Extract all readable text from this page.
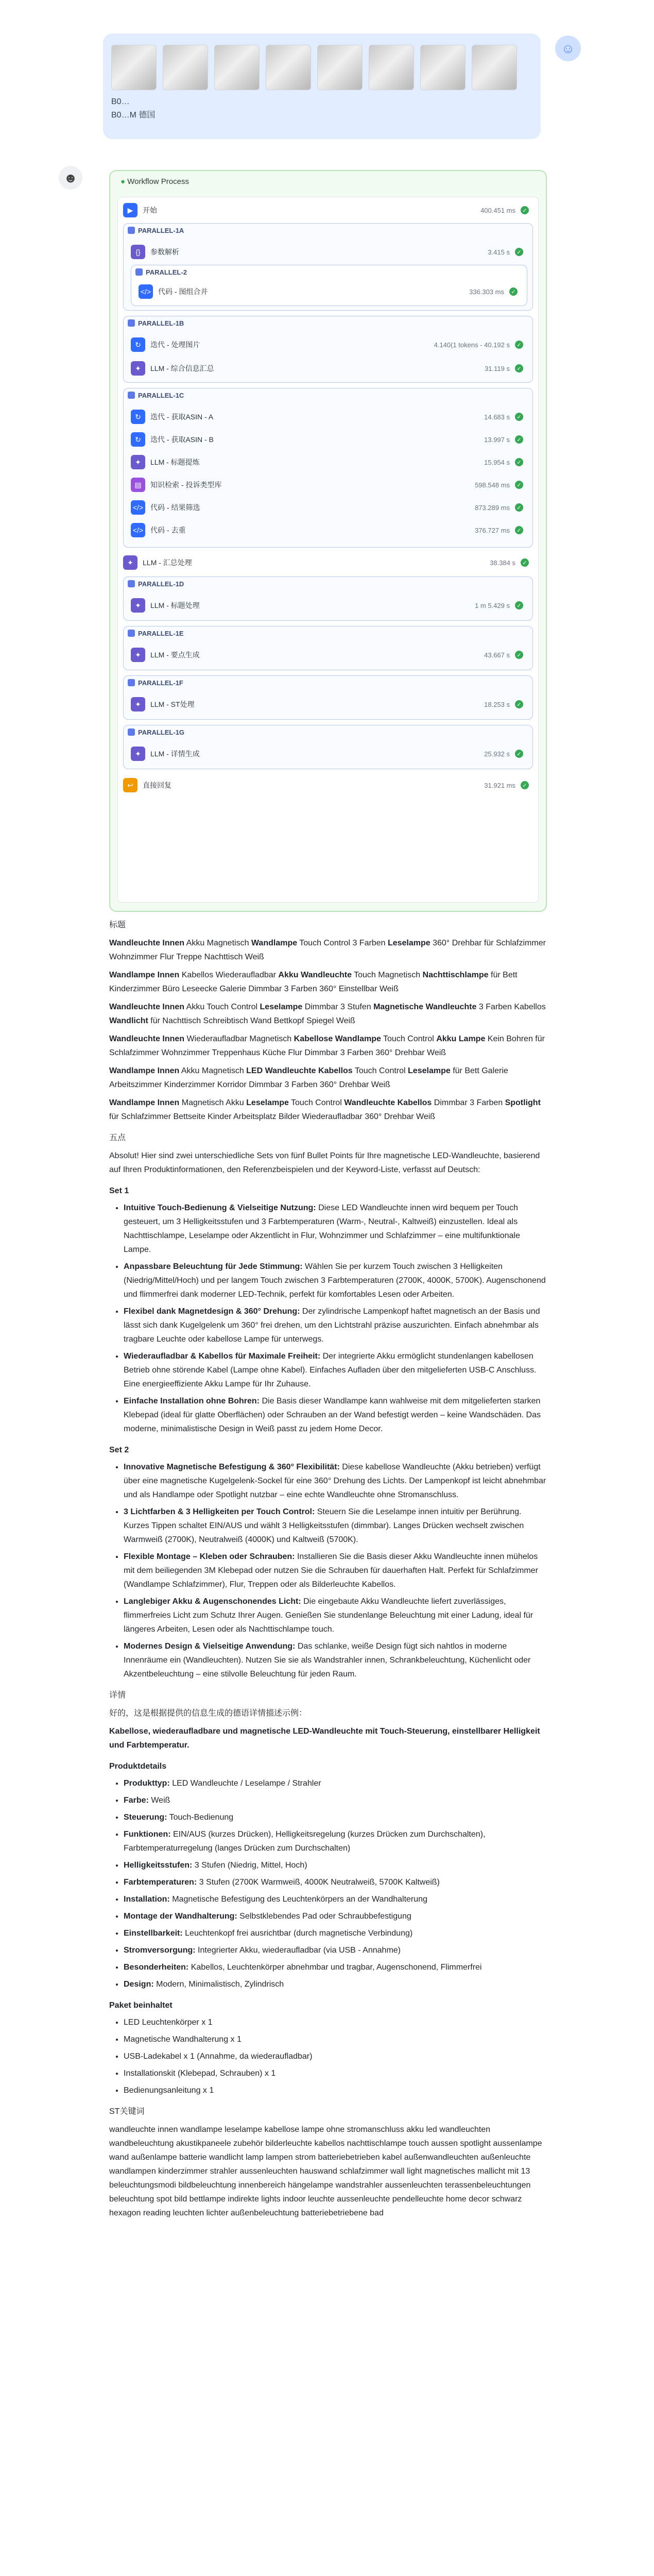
B0…
B0…M 德国
☺
☻	● Workflow Process
▶	开始	400.451 ms	✓
PARALLEL-1A
{}	参数解析	3.415 s	✓
PARALLEL-2
</> 代码 - 图组合并	336.303 ms	✓
PARALLEL-1B
↻	迭代 - 处理图片	4.140(1 tokens - 40.192 s	✓
✦	LLM - 综合信息汇总	31.119 s	✓
PARALLEL-1C
↻	迭代 - 获取ASIN - A	14.683 s	✓
↻	迭代 - 获取ASIN - B	13.997 s	✓
✦	LLM - 标题提炼	15.954 s	✓
▤	知识检索 - 投诉类型库	598.548 ms	✓
</> 代码 - 结果筛选	873.289 ms	✓
</> 代码 - 去重	376.727 ms	✓
✦	LLM - 汇总处理	38.384 s	✓
PARALLEL-1D
✦	LLM - 标题处理	1 m 5.429 s	✓
PARALLEL-1E
✦	LLM - 要点生成	43.667 s	✓
PARALLEL-1F
✦	LLM - ST处理	18.253 s	✓
PARALLEL-1G
✦	LLM - 详情生成	25.932 s	✓
↩	直接回复	31.921 ms	✓

标题

Wandleuchte Innen Akku Magnetisch Wandlampe Touch Control 3 Farben Leselampe 360° Drehbar für Schlafzimmer Wohnzimmer Flur Treppe Nachttisch Weiß

Wandlampe Innen Kabellos Wiederaufladbar Akku Wandleuchte Touch Magnetisch Nachttischlampe für Bett Kinderzimmer Büro Leseecke Galerie Dimmbar 3 Farben 360° Einstellbar Weiß

Wandleuchte Innen Akku Touch Control Leselampe Dimmbar 3 Stufen Magnetische Wandleuchte 3 Farben Kabellos Wandlicht für Nachttisch Schreibtisch Wand Bettkopf Spiegel Weiß

Wandleuchte Innen Wiederaufladbar Magnetisch Kabellose Wandlampe Touch Control Akku Lampe Kein Bohren für Schlafzimmer Wohnzimmer Treppenhaus Küche Flur Dimmbar 3 Farben 360° Drehbar Weiß

Wandlampe Innen Akku Magnetisch LED Wandleuchte Kabellos Touch Control Leselampe für Bett Galerie Arbeitszimmer Kinderzimmer Korridor Dimmbar 3 Farben 360° Drehbar Weiß

Wandlampe Innen Magnetisch Akku Leselampe Touch Control Wandleuchte Kabellos Dimmbar 3 Farben Spotlight für Schlafzimmer Bettseite Kinder Arbeitsplatz Bilder Wiederaufladbar 360° Drehbar Weiß

五点

Absolut! Hier sind zwei unterschiedliche Sets von fünf Bullet Points für Ihre magnetische LED-Wandleuchte, basierend auf Ihren Produktinformationen, den Referenzbeispielen und der Keyword-Liste, verfasst auf Deutsch:

Set 1
• Intuitive Touch-Bedienung & Vielseitige Nutzung: Diese LED Wandleuchte innen wird bequem per Touch gesteuert, um 3 Helligkeitsstufen und 3 Farbtemperaturen (Warm-, Neutral-, Kaltweiß) einzustellen. Ideal als Nachttischlampe, Leselampe oder Akzentlicht in Flur, Wohnzimmer und Schlafzimmer – eine multifunktionale Lampe.
• Anpassbare Beleuchtung für Jede Stimmung: Wählen Sie per kurzem Touch zwischen 3 Helligkeiten (Niedrig/Mittel/Hoch) und per langem Touch zwischen 3 Farbtemperaturen (2700K, 4000K, 5700K). Augenschonend und flimmerfrei dank moderner LED-Technik, perfekt für komfortables Lesen oder Arbeiten.
• Flexibel dank Magnetdesign & 360° Drehung: Der zylindrische Lampenkopf haftet magnetisch an der Basis und lässt sich dank Kugelgelenk um 360° frei drehen, um den Lichtstrahl präzise auszurichten. Einfach abnehmbar als tragbare Leuchte oder kabellose Lampe für unterwegs.
• Wiederaufladbar & Kabellos für Maximale Freiheit: Der integrierte Akku ermöglicht stundenlangen kabellosen Betrieb ohne störende Kabel (Lampe ohne Kabel). Einfaches Aufladen über den mitgelieferten USB-C Anschluss. Eine energieeffiziente Akku Lampe für Ihr Zuhause.
• Einfache Installation ohne Bohren: Die Basis dieser Wandlampe kann wahlweise mit dem mitgelieferten starken Klebepad (ideal für glatte Oberflächen) oder Schrauben an der Wand befestigt werden – keine Wandschäden. Das moderne, minimalistische Design in Weiß passt zu jedem Home Decor.
Set 2
• Innovative Magnetische Befestigung & 360° Flexibilität: Diese kabellose Wandleuchte (Akku betrieben) verfügt über eine magnetische Kugelgelenk-Sockel für eine 360° Drehung des Lichts. Der Lampenkopf ist leicht abnehmbar und als Handlampe oder Spotlight nutzbar – eine echte Wandleuchte ohne Stromanschluss.
• 3 Lichtfarben & 3 Helligkeiten per Touch Control: Steuern Sie die Leselampe innen intuitiv per Berührung. Kurzes Tippen schaltet EIN/AUS und wählt 3 Helligkeitsstufen (dimmbar). Langes Drücken wechselt zwischen Warmweiß (2700K), Neutralweiß (4000K) und Kaltweiß (5700K).
• Flexible Montage – Kleben oder Schrauben: Installieren Sie die Basis dieser Akku Wandleuchte innen mühelos mit dem beiliegenden 3M Klebepad oder nutzen Sie die Schrauben für dauerhaften Halt. Perfekt für Schlafzimmer (Wandlampe Schlafzimmer), Flur, Treppen oder als Bilderleuchte Kabellos.
• Langlebiger Akku & Augenschonendes Licht: Die eingebaute Akku Wandleuchte liefert zuverlässiges, flimmerfreies Licht zum Schutz Ihrer Augen. Genießen Sie stundenlange Beleuchtung mit einer Ladung, ideal für längeres Arbeiten, Lesen oder als Nachttischlampe touch.
• Modernes Design & Vielseitige Anwendung: Das schlanke, weiße Design fügt sich nahtlos in moderne Innenräume ein (Wandleuchten). Nutzen Sie sie als Wandstrahler innen, Schrankbeleuchtung, Küchenlicht oder Akzentbeleuchtung – eine stilvolle Beleuchtung für jeden Raum.

详情

好的，这是根据提供的信息生成的德语详情描述示例：

Kabellose, wiederaufladbare und magnetische LED-Wandleuchte mit Touch-Steuerung, einstellbarer Helligkeit und Farbtemperatur.

Produktdetails
• Produkttyp: LED Wandleuchte / Leselampe / Strahler
• Farbe: Weiß
• Steuerung: Touch-Bedienung
• Funktionen: EIN/AUS (kurzes Drücken), Helligkeitsregelung (kurzes Drücken zum Durchschalten), Farbtemperaturregelung (langes Drücken zum Durchschalten)
• Helligkeitsstufen: 3 Stufen (Niedrig, Mittel, Hoch)
• Farbtemperaturen: 3 Stufen (2700K Warmweiß, 4000K Neutralweiß, 5700K Kaltweiß)
• Installation: Magnetische Befestigung des Leuchtenkörpers an der Wandhalterung
• Montage der Wandhalterung: Selbstklebendes Pad oder Schraubbefestigung
• Einstellbarkeit: Leuchtenkopf frei ausrichtbar (durch magnetische Verbindung)
• Stromversorgung: Integrierter Akku, wiederaufladbar (via USB - Annahme)
• Besonderheiten: Kabellos, Leuchtenkörper abnehmbar und tragbar, Augenschonend, Flimmerfrei
• Design: Modern, Minimalistisch, Zylindrisch
Paket beinhaltet
• LED Leuchtenkörper x 1
• Magnetische Wandhalterung x 1
• USB-Ladekabel x 1 (Annahme, da wiederaufladbar)
• Installationskit (Klebepad, Schrauben) x 1
• Bedienungsanleitung x 1

ST关键词

wandleuchte innen wandlampe leselampe kabellose lampe ohne stromanschluss akku led wandleuchten wandbeleuchtung akustikpaneele zubehör bilderleuchte kabellos nachttischlampe touch aussen spotlight aussenlampe wand außenlampe batterie wandlicht lamp lampen strom batteriebetrieben kabel außenwandleuchten außenleuchte wandlampen kinderzimmer strahler aussenleuchten hauswand schlafzimmer wall light magnetisches mallicht mit 13 beleuchtungsmodi bildbeleuchtung innenbereich hängelampe wandstrahler aussenleuchten terassenbeleuchtungen beleuchtung spot bild bettlampe indirekte lights indoor leuchte aussenleuchte pendelleuchte home decor schwarz hexagon reading leuchten lichter außenbeleuchtung batteriebetriebene bad
